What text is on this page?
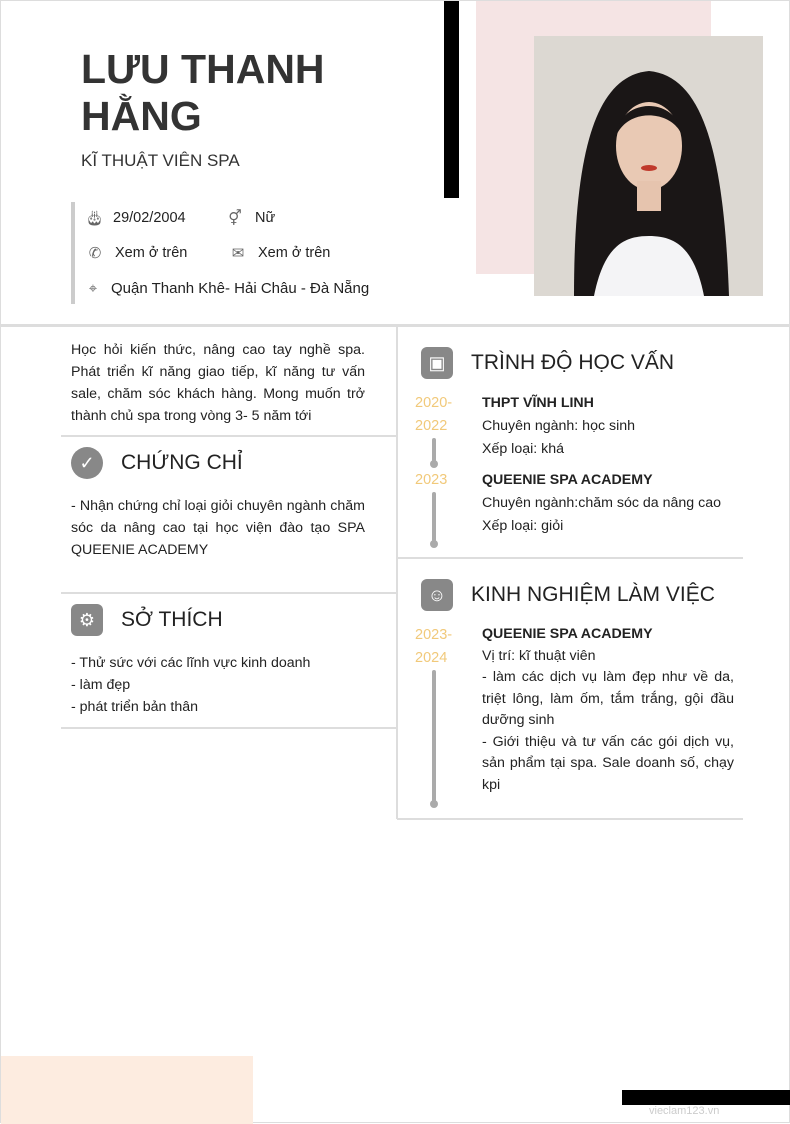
LƯU THANH HẰNG
KĨ THUẬT VIÊN SPA
🎂︎ 29/02/2004	⚥ Nữ
✆ Xem ở trên	✉ Xem ở trên
⌖ Quận Thanh Khê- Hải Châu - Đà Nẵng
Học hỏi kiến thức, nâng cao tay nghề spa. Phát triển kĩ năng giao tiếp, kĩ năng tư vấn sale, chăm sóc khách hàng. Mong muốn trở thành chủ spa trong vòng 3- 5 năm tới
✓	CHỨNG CHỈ
- Nhận chứng chỉ loại giỏi chuyên ngành chăm sóc da nâng cao tại học viện đào tạo SPA QUEENIE ACADEMY
⚙	SỞ THÍCH
- Thử sức với các lĩnh vực kinh doanh
- làm đẹp
- phát triển bản thân
▣	TRÌNH ĐỘ HỌC VẤN
2020-
2022
THPT VĨNH LINH
Chuyên ngành: học sinh
Xếp loại: khá
2023 QUEENIE SPA ACADEMY
Chuyên ngành:chăm sóc da nâng cao
Xếp loại: giỏi
☺	KINH NGHIỆM LÀM VIỆC
2023-
2024
QUEENIE SPA ACADEMY
Vị trí: kĩ thuật viên
- làm các dịch vụ làm đẹp như về da, triệt lông, làm ốm, tắm trắng, gội đầu dưỡng sinh
- Giới thiệu và tư vấn các gói dịch vụ, sản phẩm tại spa. Sale doanh số, chạy kpi
vieclam123.vn
